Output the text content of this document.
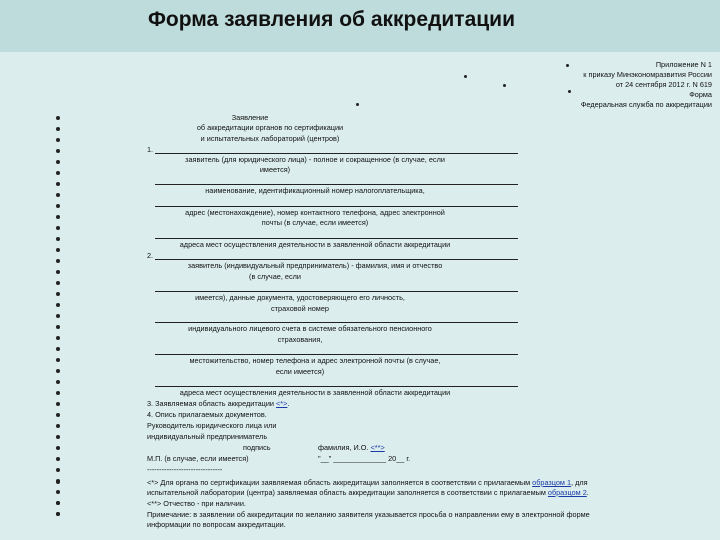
Форма заявления об аккредитации
Приложение N 1
к приказу Минэкономразвития России
от 24 сентября 2012 г. N 619
Форма
Федеральная служба по аккредитации
Заявление
об аккредитации органов по сертификации
и испытательных лабораторий (центров)
1.
заявитель (для юридического лица) - полное и сокращенное (в случае, если
имеется)
наименование, идентификационный номер налогоплательщика,
адрес (местонахождение), номер контактного телефона, адрес электронной
почты (в случае, если имеется)
адреса мест осуществления деятельности в заявленной области аккредитации
2.
заявитель (индивидуальный предприниматель) - фамилия, имя и отчество
(в случае, если
имеется), данные документа, удостоверяющего его личность,
страховой номер
индивидуального лицевого счета в системе обязательного пенсионного
страхования,
местожительство, номер телефона и адрес электронной почты (в случае,
если имеется)
адреса мест осуществления деятельности в заявленной области аккредитации
3. Заявляемая область аккредитации <*>.
4. Опись прилагаемых документов.
Руководитель юридического лица или
индивидуальный предприниматель
подпись	фамилия, И.О. <**>
М.П. (в случае, если имеется)	"__" _____________ 20__ г.
-------------------------------
<*> Для органа по сертификации заявляемая область аккредитации заполняется в соответствии с прилагаемым образцом 1, для
испытательной лаборатории (центра) заявляемая область аккредитации заполняется в соответствии с прилагаемым образцом 2.
<**> Отчество - при наличии.
Примечание: в заявлении об аккредитации по желанию заявителя указывается просьба о направлении ему в электронной форме
информации по вопросам аккредитации.
